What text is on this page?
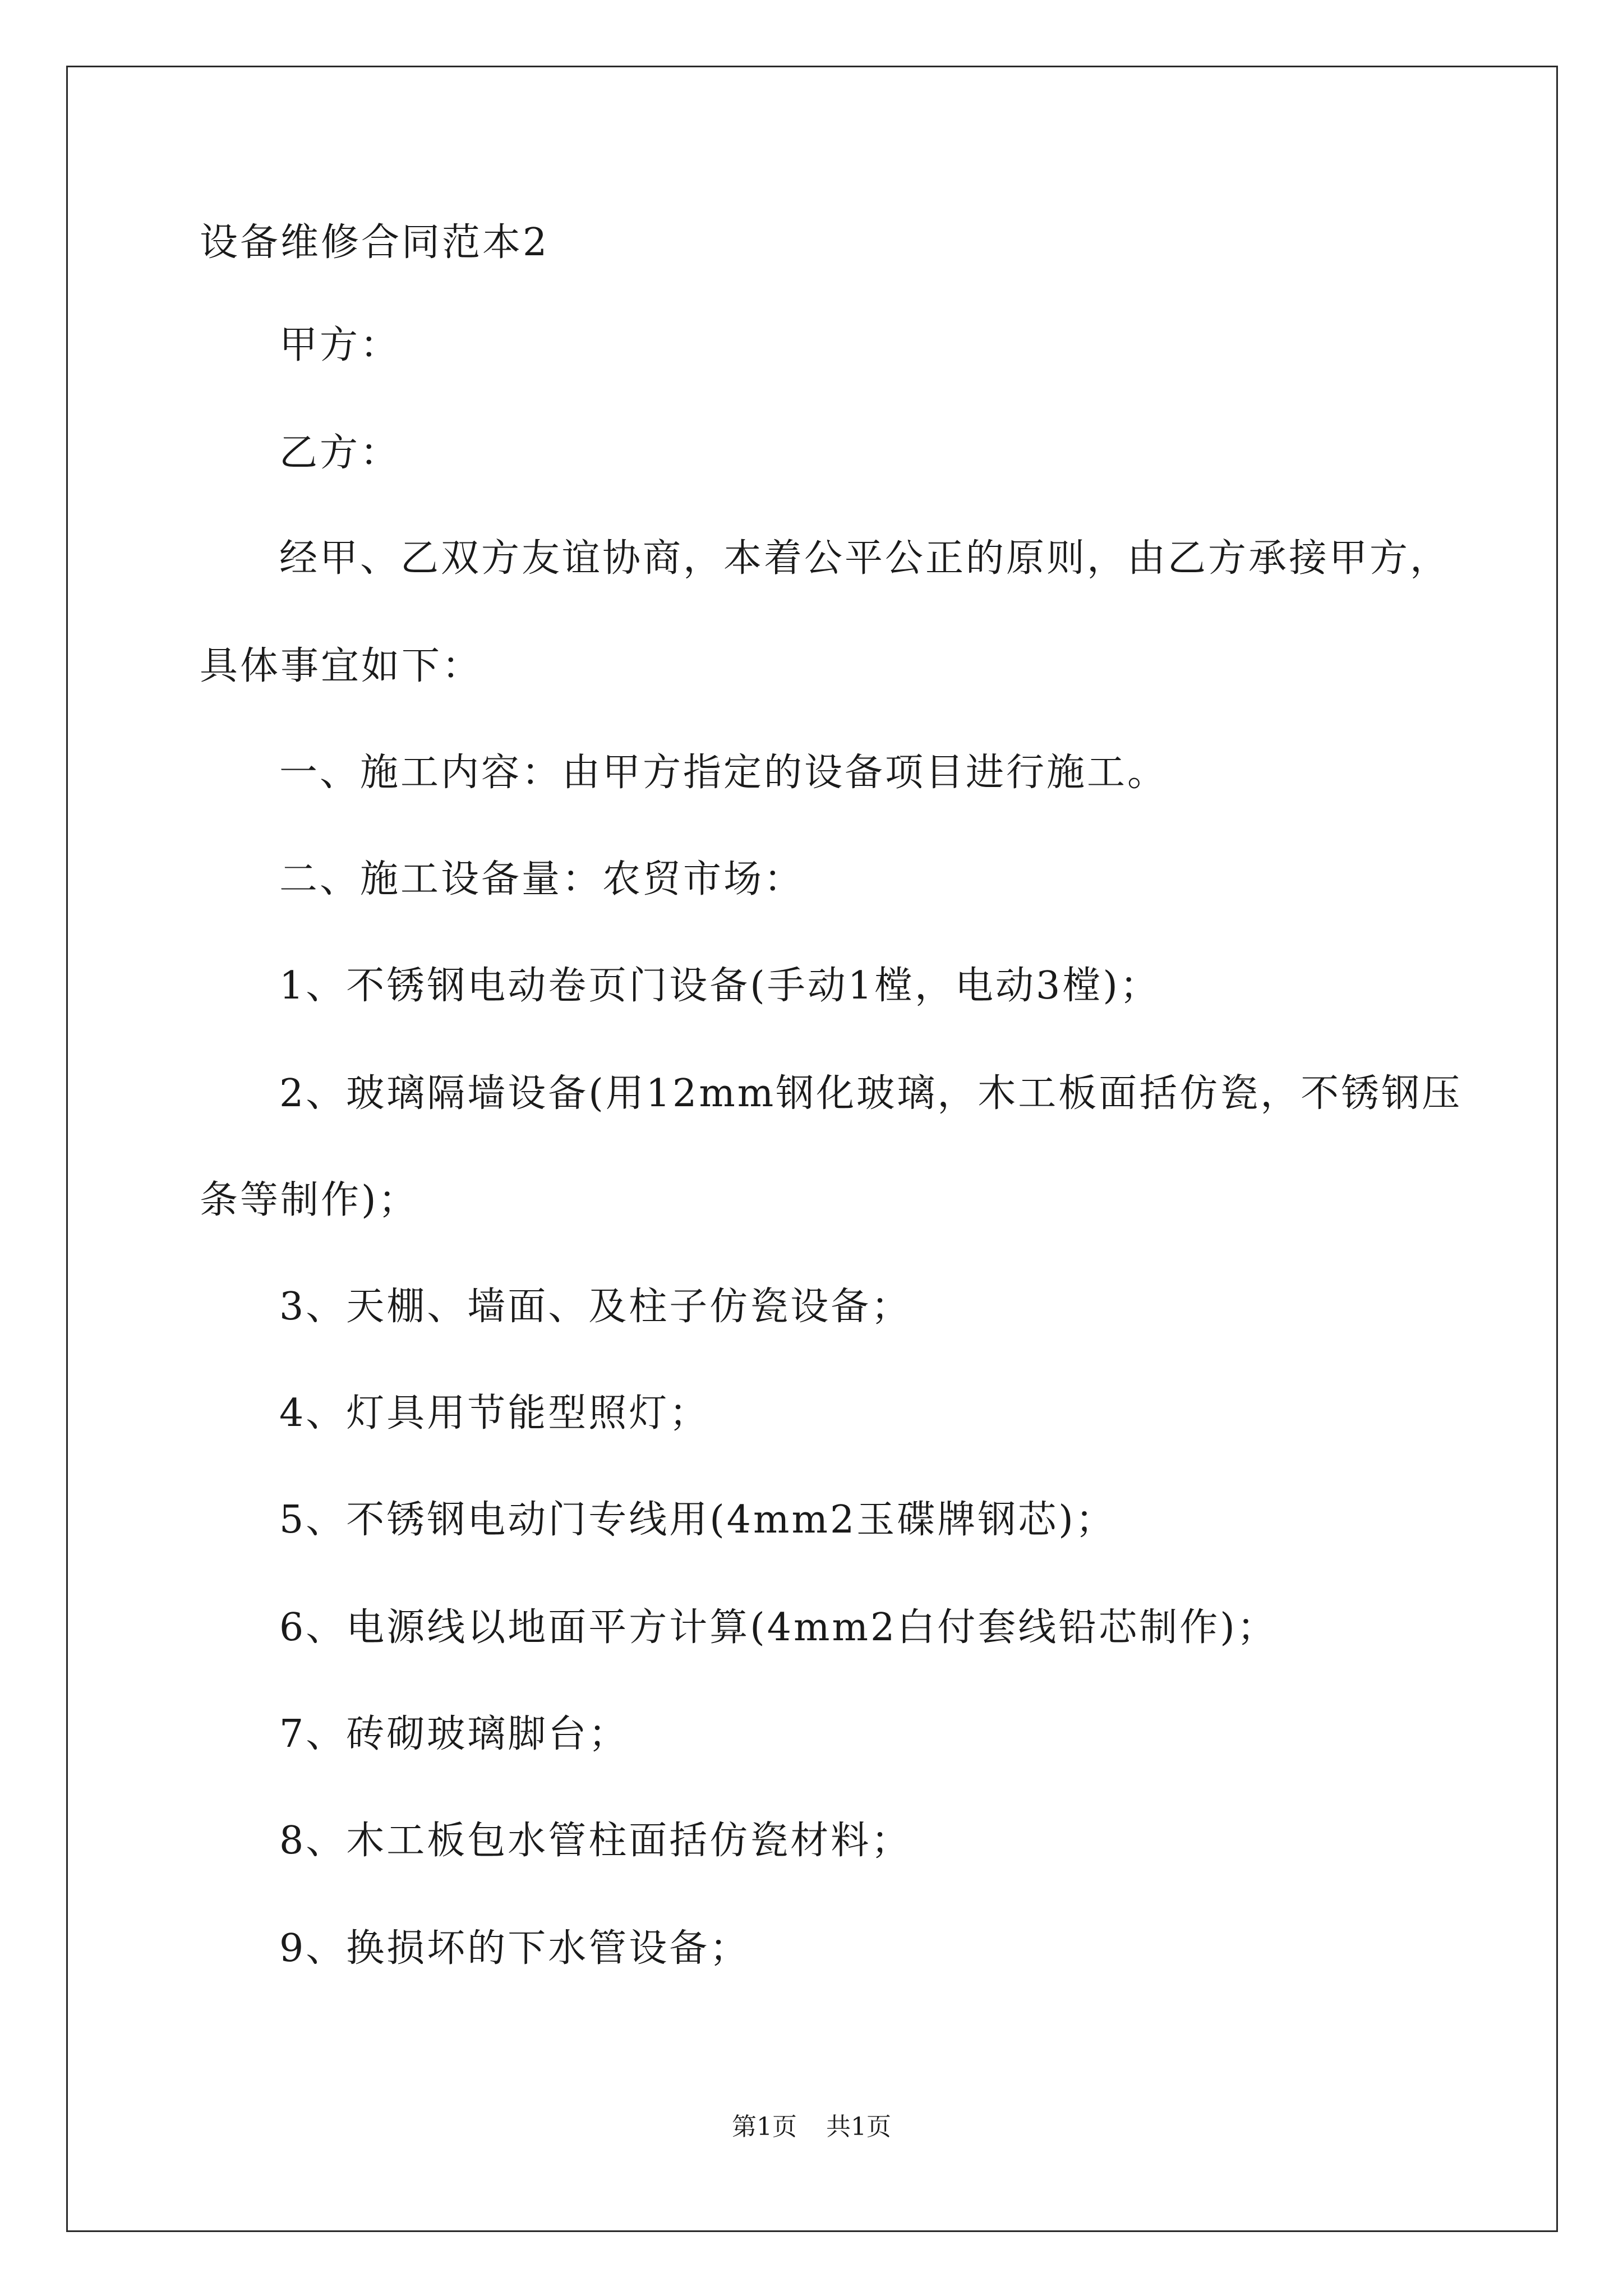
设备维修合同范本2
甲方：
乙方：
经甲、乙双方友谊协商，本着公平公正的原则，由乙方承接甲方，
具体事宜如下：
一、施工内容：由甲方指定的设备项目进行施工。
二、施工设备量：农贸市场：
1、不锈钢电动卷页门设备(手动1樘，电动3樘)；
2、玻璃隔墙设备(用12mm钢化玻璃，木工板面括仿瓷，不锈钢压
条等制作)；
3、天棚、墙面、及柱子仿瓷设备；
4、灯具用节能型照灯；
5、不锈钢电动门专线用(4mm2玉碟牌钢芯)；
6、电源线以地面平方计算(4mm2白付套线铅芯制作)；
7、砖砌玻璃脚台；
8、木工板包水管柱面括仿瓷材料；
9、换损坏的下水管设备；
第1页 共1页
